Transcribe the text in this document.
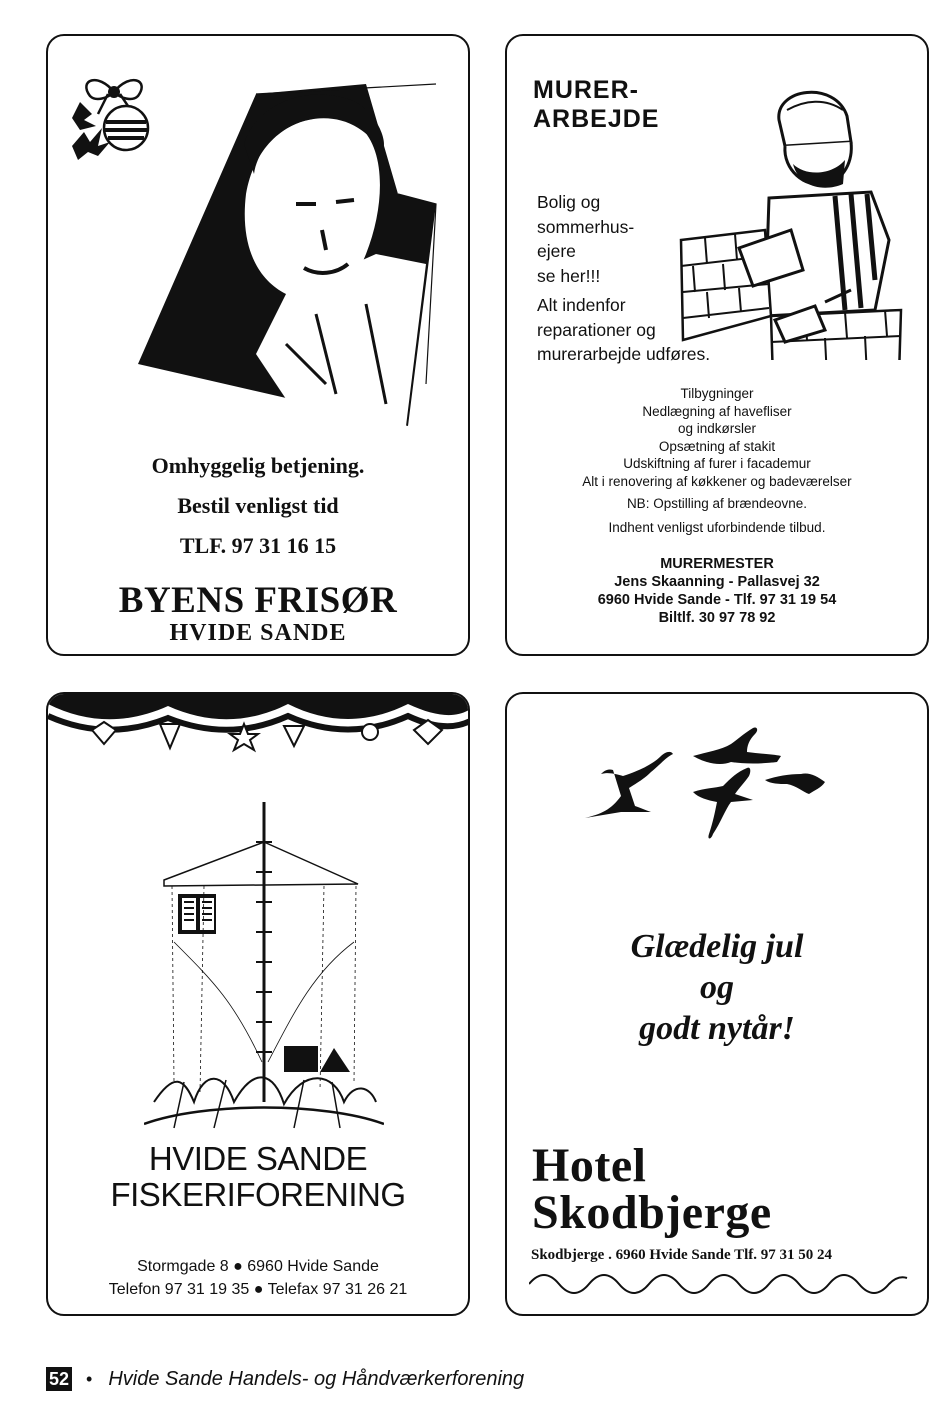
Omhyggelig betjening.
Bestil venligst tid
TLF. 97 31 16 15
BYENS FRISØR
HVIDE SANDE
MURER-
ARBEJDE
Bolig og
sommerhus-
ejere
se her!!!
Alt indenfor
reparationer og
murerarbejde udføres.
Tilbygninger
Nedlægning af havefliser
og indkørsler
Opsætning af stakit
Udskiftning af furer i facademur
Alt i renovering af køkkener og badeværelser
NB: Opstilling af brændeovne.
Indhent venligst uforbindende tilbud.
MURERMESTER
Jens Skaanning - Pallasvej 32
6960 Hvide Sande - Tlf. 97 31 19 54
Biltlf. 30 97 78 92
HVIDE SANDE
FISKERIFORENING
Stormgade 8 ● 6960 Hvide Sande
Telefon 97 31 19 35 ● Telefax 97 31 26 21
Glædelig jul
og
godt nytår!
Hotel
Skodbjerge
Skodbjerge . 6960 Hvide Sande Tlf. 97 31 50 24
52 • Hvide Sande Handels- og Håndværkerforening
